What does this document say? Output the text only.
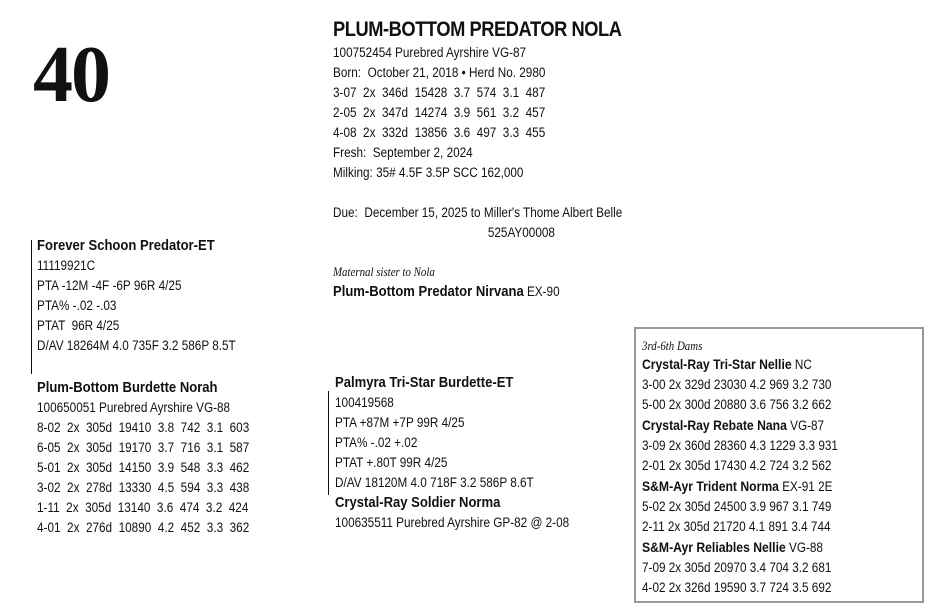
40
PLUM-BOTTOM PREDATOR NOLA
100752454 Purebred Ayrshire VG-87
Born:  October 21, 2018 • Herd No. 2980
3-07  2x  346d  15428  3.7  574  3.1  487
2-05  2x  347d  14274  3.9  561  3.2  457
4-08  2x  332d  13856  3.6  497  3.3  455
Fresh:  September 2, 2024
Milking: 35# 4.5F 3.5P SCC 162,000

Due:  December 15, 2025 to Miller's Thome Albert Belle
525AY00008
Maternal sister to Nola
Plum-Bottom Predator Nirvana EX-90
Forever Schoon Predator-ET
11119921C
PTA -12M -4F -6P 96R 4/25
PTA% -.02 -.03
PTAT  96R 4/25
D/AV 18264M 4.0 735F 3.2 586P 8.5T
Plum-Bottom Burdette Norah
100650051 Purebred Ayrshire VG-88
8-02  2x  305d  19410  3.8  742  3.1  603
6-05  2x  305d  19170  3.7  716  3.1  587
5-01  2x  305d  14150  3.9  548  3.3  462
3-02  2x  278d  13330  4.5  594  3.3  438
1-11  2x  305d  13140  3.6  474  3.2  424
4-01  2x  276d  10890  4.2  452  3.3  362
Palmyra Tri-Star Burdette-ET
100419568
PTA +87M +7P 99R 4/25
PTA% -.02 +.02
PTAT +.80T 99R 4/25
D/AV 18120M 4.0 718F 3.2 586P 8.6T
Crystal-Ray Soldier Norma
100635511 Purebred Ayrshire GP-82 @ 2-08
3rd-6th Dams
Crystal-Ray Tri-Star Nellie NC
3-00 2x 329d 23030 4.2 969 3.2 730
5-00 2x 300d 20880 3.6 756 3.2 662
Crystal-Ray Rebate Nana VG-87
3-09 2x 360d 28360 4.3 1229 3.3 931
2-01 2x 305d 17430 4.2 724 3.2 562
S&M-Ayr Trident Norma EX-91 2E
5-02 2x 305d 24500 3.9 967 3.1 749
2-11 2x 305d 21720 4.1 891 3.4 744
S&M-Ayr Reliables Nellie VG-88
7-09 2x 305d 20970 3.4 704 3.2 681
4-02 2x 326d 19590 3.7 724 3.5 692
